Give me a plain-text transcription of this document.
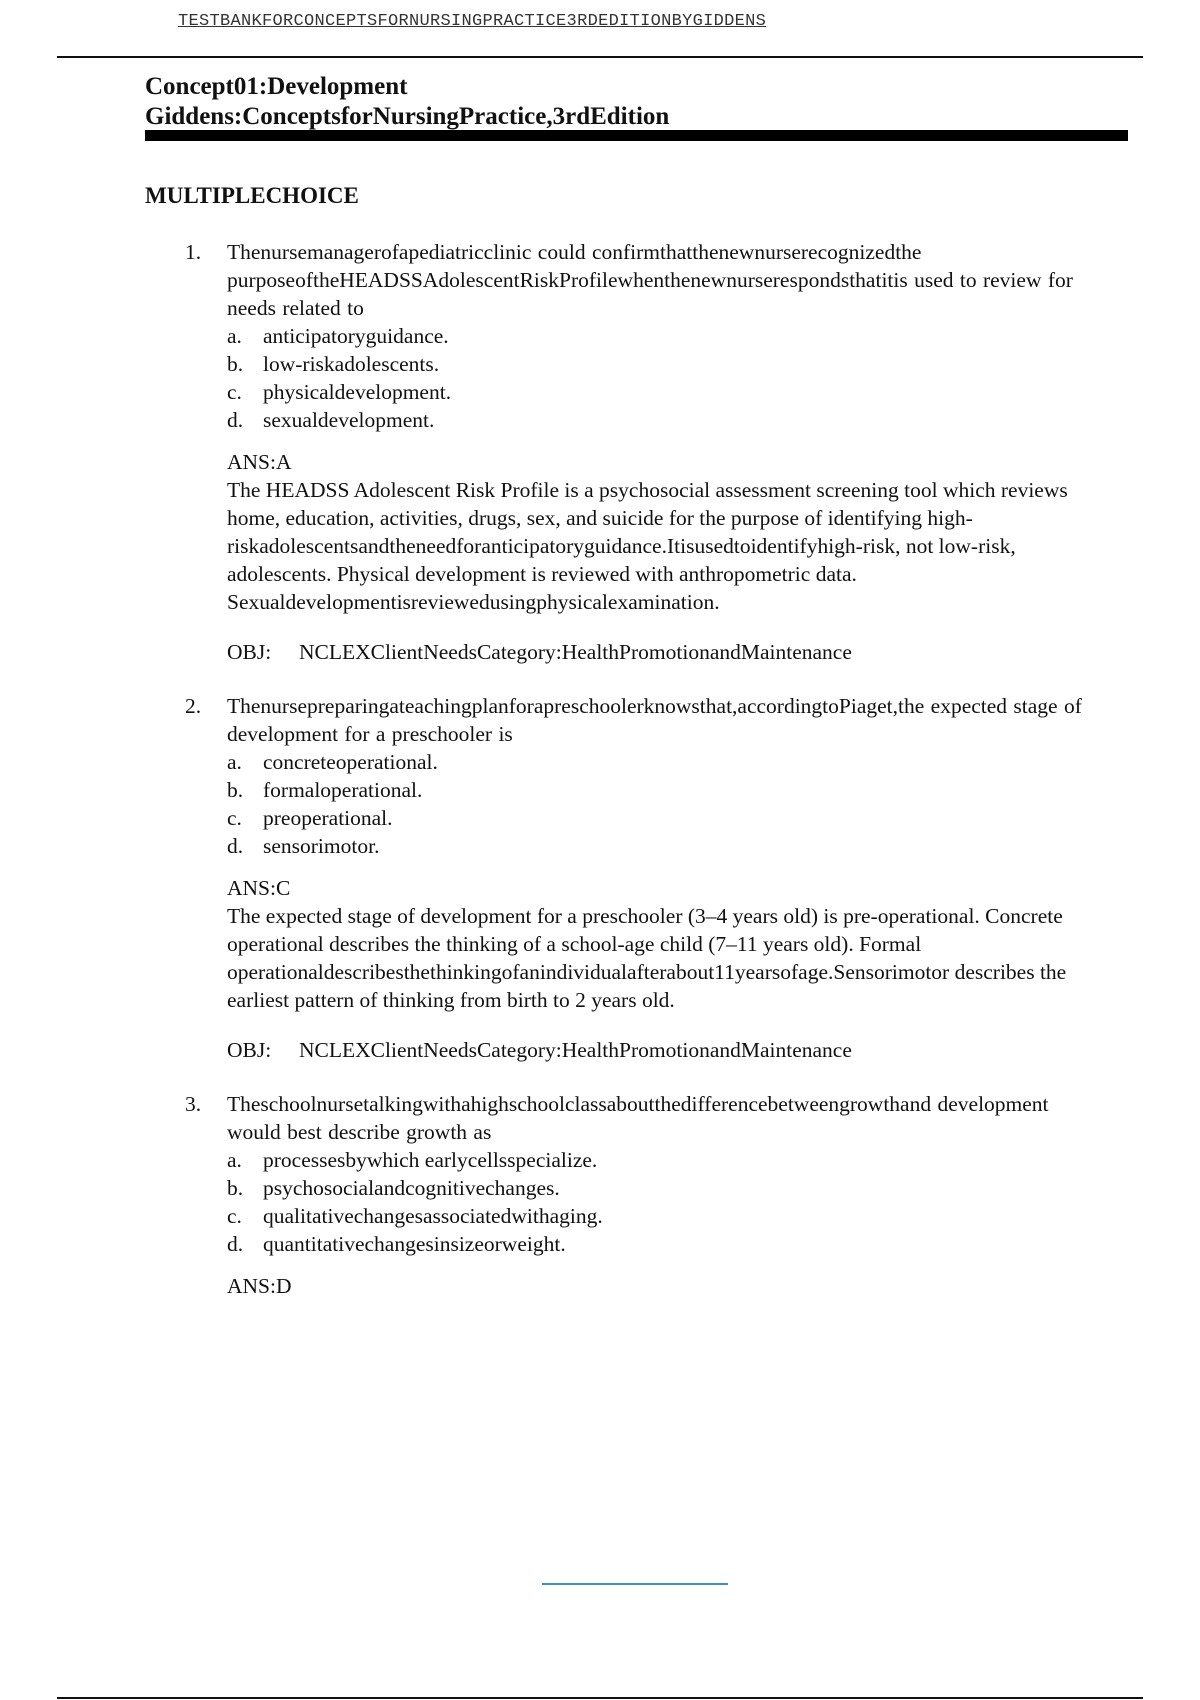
TESTBANKFORCONCEPTSFORNURSINGPRACTICE3RDEDITIONBYGIDDENS
Concept01:Development
Giddens:ConceptsforNursingPractice,3rdEdition
MULTIPLECHOICE
1. Thenursemanagerofapediatricclinic could confirmthatthenewnurserecognizedthe purposeoftheHEADSSAdolescentRiskProfilewhenthenewnurserespondsthatitis used to review for needs related to
a. anticipatoryguidance.
b. low-riskadolescents.
c. physicaldevelopment.
d. sexualdevelopment.
ANS:A
The HEADSS Adolescent Risk Profile is a psychosocial assessment screening tool which reviews home, education, activities, drugs, sex, and suicide for the purpose of identifying high-riskadolescentsandtheneedforanticipatoryguidance.Itisusedtoidentifyhigh-risk, not low-risk, adolescents. Physical development is reviewed with anthropometric data. Sexualdevelopmentisreviewedusingphysicalexamination.
OBJ: NCLEXClientNeedsCategory:HealthPromotionandMaintenance
2. Thenursepreparingateachingplanforapreschoolerknowsthat,accordingtoPiaget,the expected stage of development for a preschooler is
a. concreteoperational.
b. formaloperational.
c. preoperational.
d. sensorimotor.
ANS:C
The expected stage of development for a preschooler (3–4 years old) is pre-operational. Concrete operational describes the thinking of a school-age child (7–11 years old). Formal operationaldescribesthethinkingofanindividualafterabout11yearsofage.Sensorimotor describes the earliest pattern of thinking from birth to 2 years old.
OBJ: NCLEXClientNeedsCategory:HealthPromotionandMaintenance
3. Theschoolnursetalkingwithahighschoolclassaboutthedifferencebetweengrowthand development would best describe growth as
a. processesbywhich earlycellsspecialize.
b. psychosocialandcognitivechanges.
c. qualitativechangesassociatedwithaging.
d. quantitativechangesinsizeorweight.
ANS:D
